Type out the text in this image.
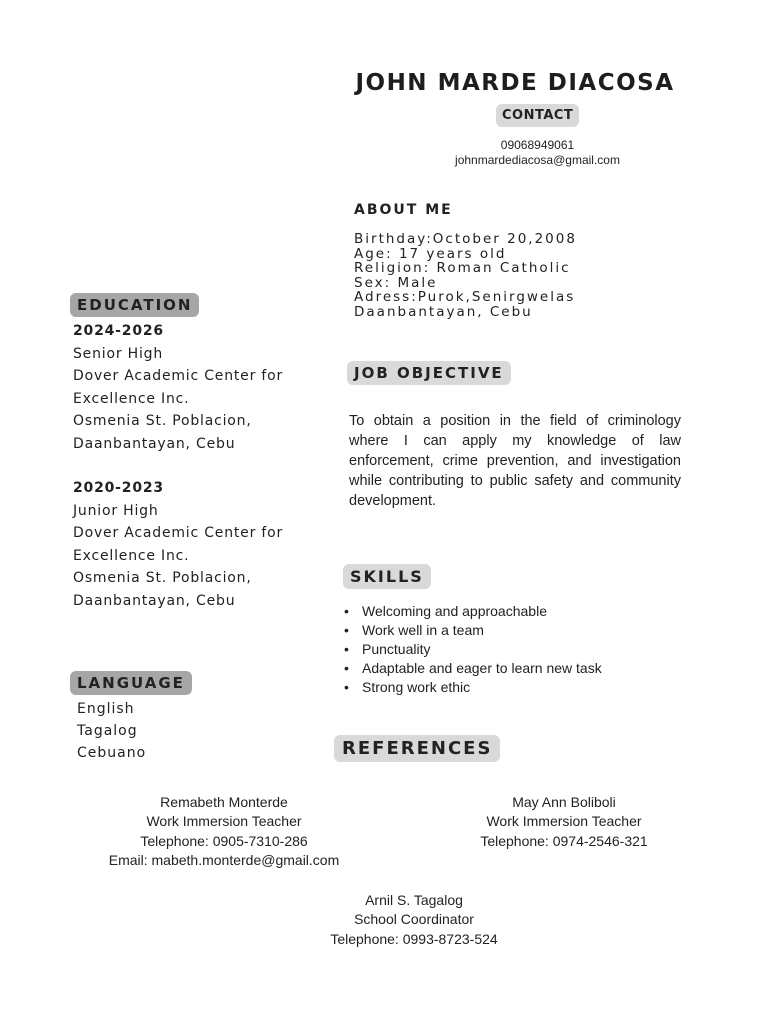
JOHN MARDE DIACOSA
CONTACT
09068949061
johnmardediacosa@gmail.com
ABOUT ME
Birthday:October 20,2008
Age: 17 years old
Religion: Roman Catholic
Sex: Male
Adress:Purok,Senirgwelas
Daanbantayan, Cebu
JOB OBJECTIVE
To obtain a position in the field of criminology where I can apply my knowledge of law enforcement, crime prevention, and investigation while contributing to public safety and community development.
SKILLS
• Welcoming and approachable
• Work well in a team
• Punctuality
• Adaptable and eager to learn new task
• Strong work ethic
EDUCATION
2024-2026
Senior High
Dover Academic Center for
Excellence Inc.
Osmenia St. Poblacion,
Daanbantayan, Cebu
2020-2023
Junior High
Dover Academic Center for
Excellence Inc.
Osmenia St. Poblacion,
Daanbantayan, Cebu
LANGUAGE
English
Tagalog
Cebuano	REFERENCES
Remabeth Monterde
Work Immersion Teacher
Telephone: 0905-7310-286
Email: mabeth.monterde@gmail.com
May Ann Boliboli
Work Immersion Teacher
Telephone: 0974-2546-321
Arnil S. Tagalog
School Coordinator
Telephone: 0993-8723-524
